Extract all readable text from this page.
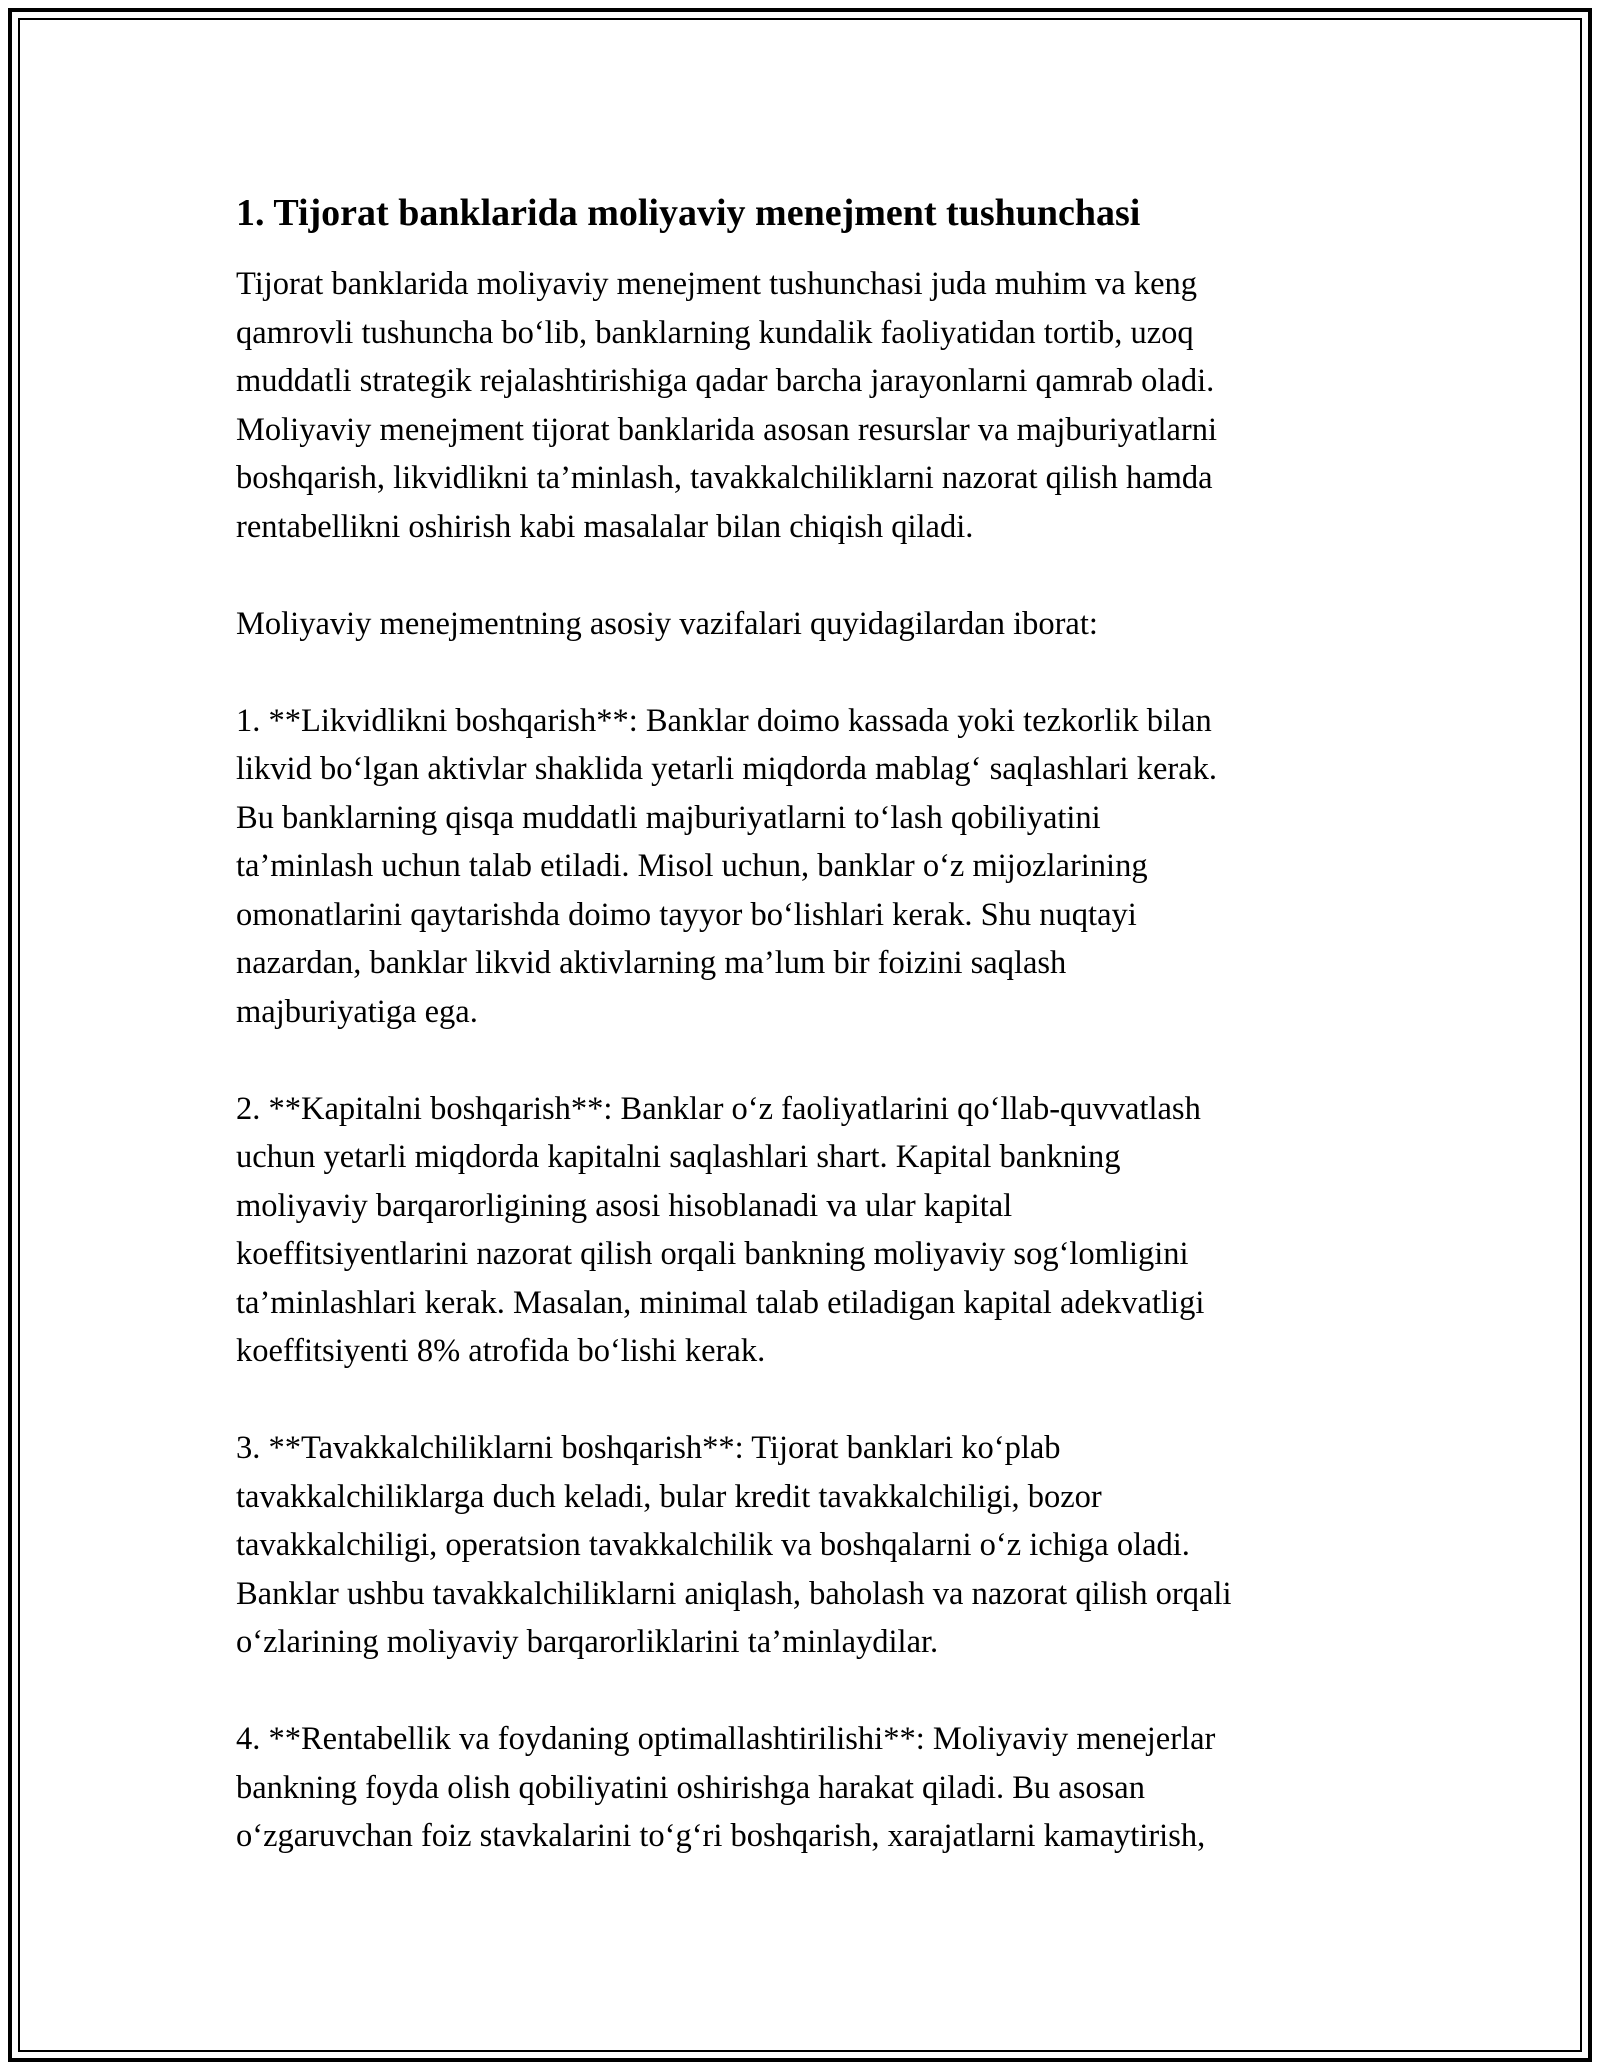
1. Tijorat banklarida moliyaviy menejment tushunchasi

Tijorat banklarida moliyaviy menejment tushunchasi juda muhim va keng
qamrovli tushuncha bo‘lib, banklarning kundalik faoliyatidan tortib, uzoq
muddatli strategik rejalashtirishiga qadar barcha jarayonlarni qamrab oladi.
Moliyaviy menejment tijorat banklarida asosan resurslar va majburiyatlarni
boshqarish, likvidlikni ta’minlash, tavakkalchiliklarni nazorat qilish hamda
rentabellikni oshirish kabi masalalar bilan chiqish qiladi.

Moliyaviy menejmentning asosiy vazifalari quyidagilardan iborat:

1. **Likvidlikni boshqarish**: Banklar doimo kassada yoki tezkorlik bilan
likvid bo‘lgan aktivlar shaklida yetarli miqdorda mablag‘ saqlashlari kerak.
Bu banklarning qisqa muddatli majburiyatlarni to‘lash qobiliyatini
ta’minlash uchun talab etiladi. Misol uchun, banklar o‘z mijozlarining
omonatlarini qaytarishda doimo tayyor bo‘lishlari kerak. Shu nuqtayi
nazardan, banklar likvid aktivlarning ma’lum bir foizini saqlash
majburiyatiga ega.

2. **Kapitalni boshqarish**: Banklar o‘z faoliyatlarini qo‘llab-quvvatlash
uchun yetarli miqdorda kapitalni saqlashlari shart. Kapital bankning
moliyaviy barqarorligining asosi hisoblanadi va ular kapital
koeffitsiyentlarini nazorat qilish orqali bankning moliyaviy sog‘lomligini
ta’minlashlari kerak. Masalan, minimal talab etiladigan kapital adekvatligi
koeffitsiyenti 8% atrofida bo‘lishi kerak.

3. **Tavakkalchiliklarni boshqarish**: Tijorat banklari ko‘plab
tavakkalchiliklarga duch keladi, bular kredit tavakkalchiligi, bozor
tavakkalchiligi, operatsion tavakkalchilik va boshqalarni o‘z ichiga oladi.
Banklar ushbu tavakkalchiliklarni aniqlash, baholash va nazorat qilish orqali
o‘zlarining moliyaviy barqarorliklarini ta’minlaydilar.

4. **Rentabellik va foydaning optimallashtirilishi**: Moliyaviy menejerlar
bankning foyda olish qobiliyatini oshirishga harakat qiladi. Bu asosan
o‘zgaruvchan foiz stavkalarini to‘g‘ri boshqarish, xarajatlarni kamaytirish,
